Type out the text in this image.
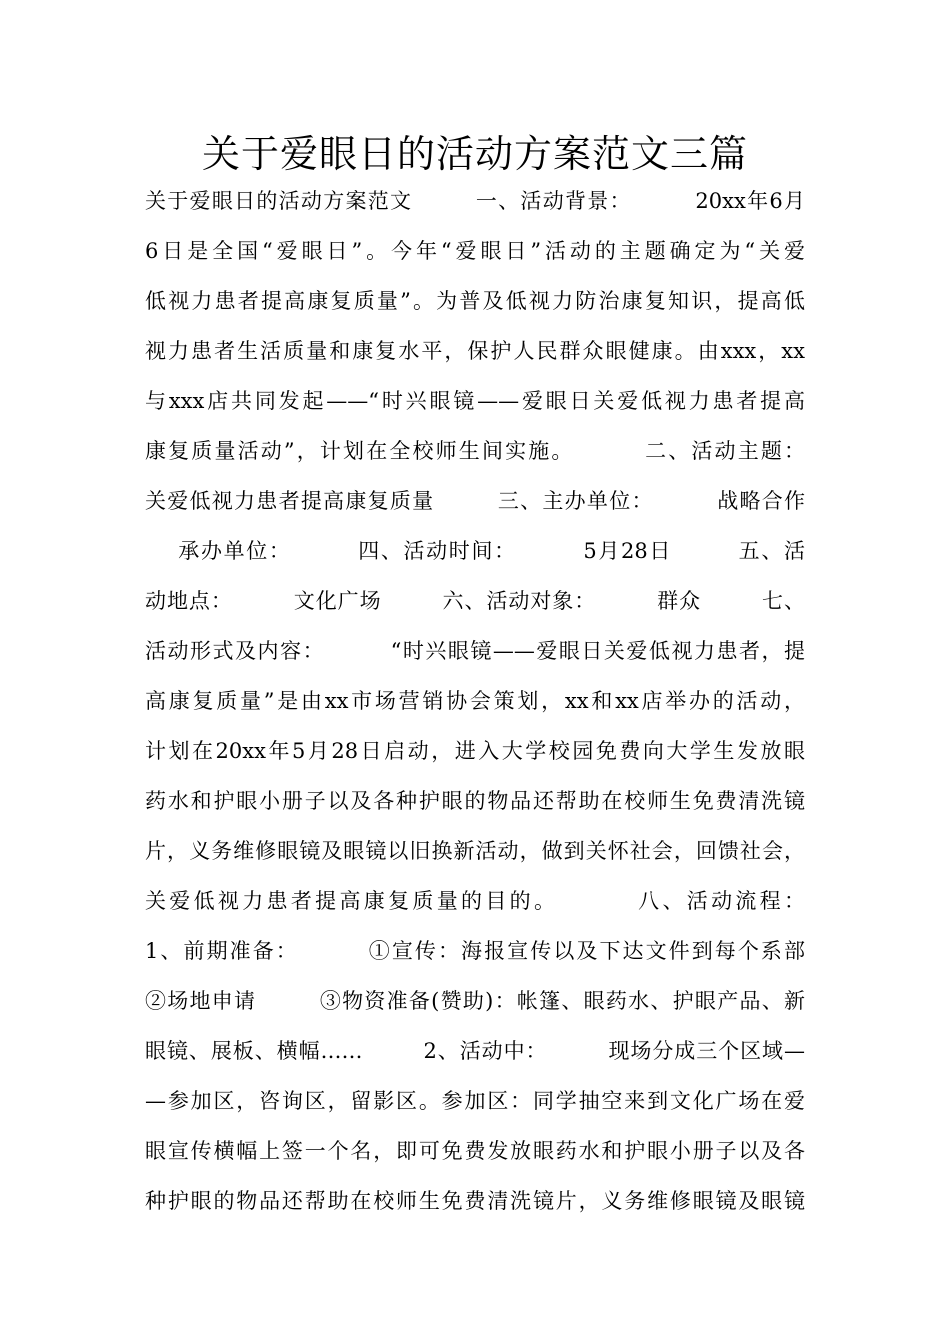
关于爱眼日的活动方案范文三篇
关于爱眼日的活动方案范文        一、活动背景：        20xx年6月
6日是全国“爱眼日”。今年“爱眼日”活动的主题确定为“关爱
低视力患者提高康复质量”。为普及低视力防治康复知识，提高低
视力患者生活质量和康复水平，保护人民群众眼健康。由xxx，xx
与xxx店共同发起——“时兴眼镜——爱眼日关爱低视力患者提高
康复质量活动”，计划在全校师生间实施。        二、活动主题：
关爱低视力患者提高康复质量        三、主办单位：        战略合作
承办单位：        四、活动时间：        5月28日        五、活
动地点：        文化广场        六、活动对象：        群众        七、
活动形式及内容：        “时兴眼镜——爱眼日关爱低视力患者，提
高康复质量”是由xx市场营销协会策划，xx和xx店举办的活动，
计划在20xx年5月28日启动，进入大学校园免费向大学生发放眼
药水和护眼小册子以及各种护眼的物品还帮助在校师生免费清洗镜
片，义务维修眼镜及眼镜以旧换新活动，做到关怀社会，回馈社会，
关爱低视力患者提高康复质量的目的。        八、活动流程：
1、前期准备：        ①宣传：海报宣传以及下达文件到每个系部
②场地申请        ③物资准备(赞助)：帐篷、眼药水、护眼产品、新
眼镜、展板、横幅……        2、活动中：        现场分成三个区域—
—参加区，咨询区，留影区。参加区：同学抽空来到文化广场在爱
眼宣传横幅上签一个名，即可免费发放眼药水和护眼小册子以及各
种护眼的物品还帮助在校师生免费清洗镜片，义务维修眼镜及眼镜
